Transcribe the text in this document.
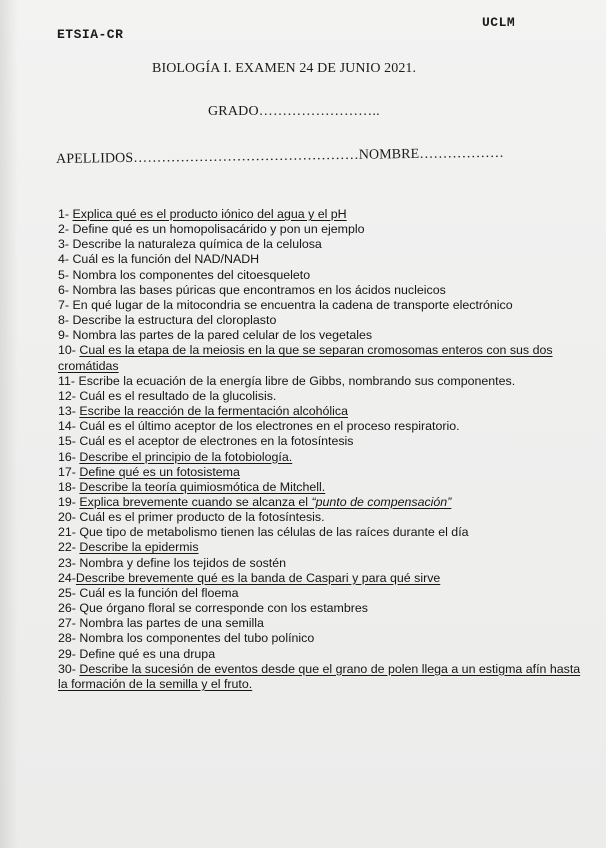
ETSIA-CR
UCLM
BIOLOGÍA I. EXAMEN 24 DE JUNIO 2021.
GRADO……………………..
APELLIDOS…………………………………………NOMBRE………………
1- Explica qué es el producto iónico del agua y el pH
2- Define qué es un homopolisacárido y pon un ejemplo
3- Describe la naturaleza química de la celulosa
4- Cuál es la función del NAD/NADH
5- Nombra los componentes del citoesqueleto
6- Nombra las bases púricas que encontramos en los ácidos nucleicos
7- En qué lugar de la mitocondria se encuentra la cadena de transporte electrónico
8- Describe la estructura del cloroplasto
9- Nombra las partes de la pared celular de los vegetales
10- Cual es la etapa de la meiosis en la que se separan cromosomas enteros con sus dos cromátidas
11- Escribe la ecuación de la energía libre de Gibbs, nombrando sus componentes.
12- Cuál es el resultado de la glucolisis.
13- Escribe la reacción de la fermentación alcohólica
14- Cuál es el último aceptor de los electrones en el proceso respiratorio.
15- Cuál es el aceptor de electrones en la fotosíntesis
16- Describe el principio de la fotobiología.
17- Define qué es un fotosistema
18- Describe la teoría quimiosmótica de Mitchell.
19- Explica brevemente cuando se alcanza el “punto de compensación”
20- Cuál es el primer producto de la fotosíntesis.
21- Que tipo de metabolismo tienen las células de las raíces durante el día
22- Describe la epidermis
23- Nombra y define los tejidos de sostén
24-Describe brevemente qué es la banda de Caspari y para qué sirve
25- Cuál es la función del floema
26- Que órgano floral se corresponde con los estambres
27- Nombra las partes de una semilla
28- Nombra los componentes del tubo polínico
29- Define qué es una drupa
30- Describe la sucesión de eventos desde que el grano de polen llega a un estigma afín hasta la formación de la semilla y el fruto.
